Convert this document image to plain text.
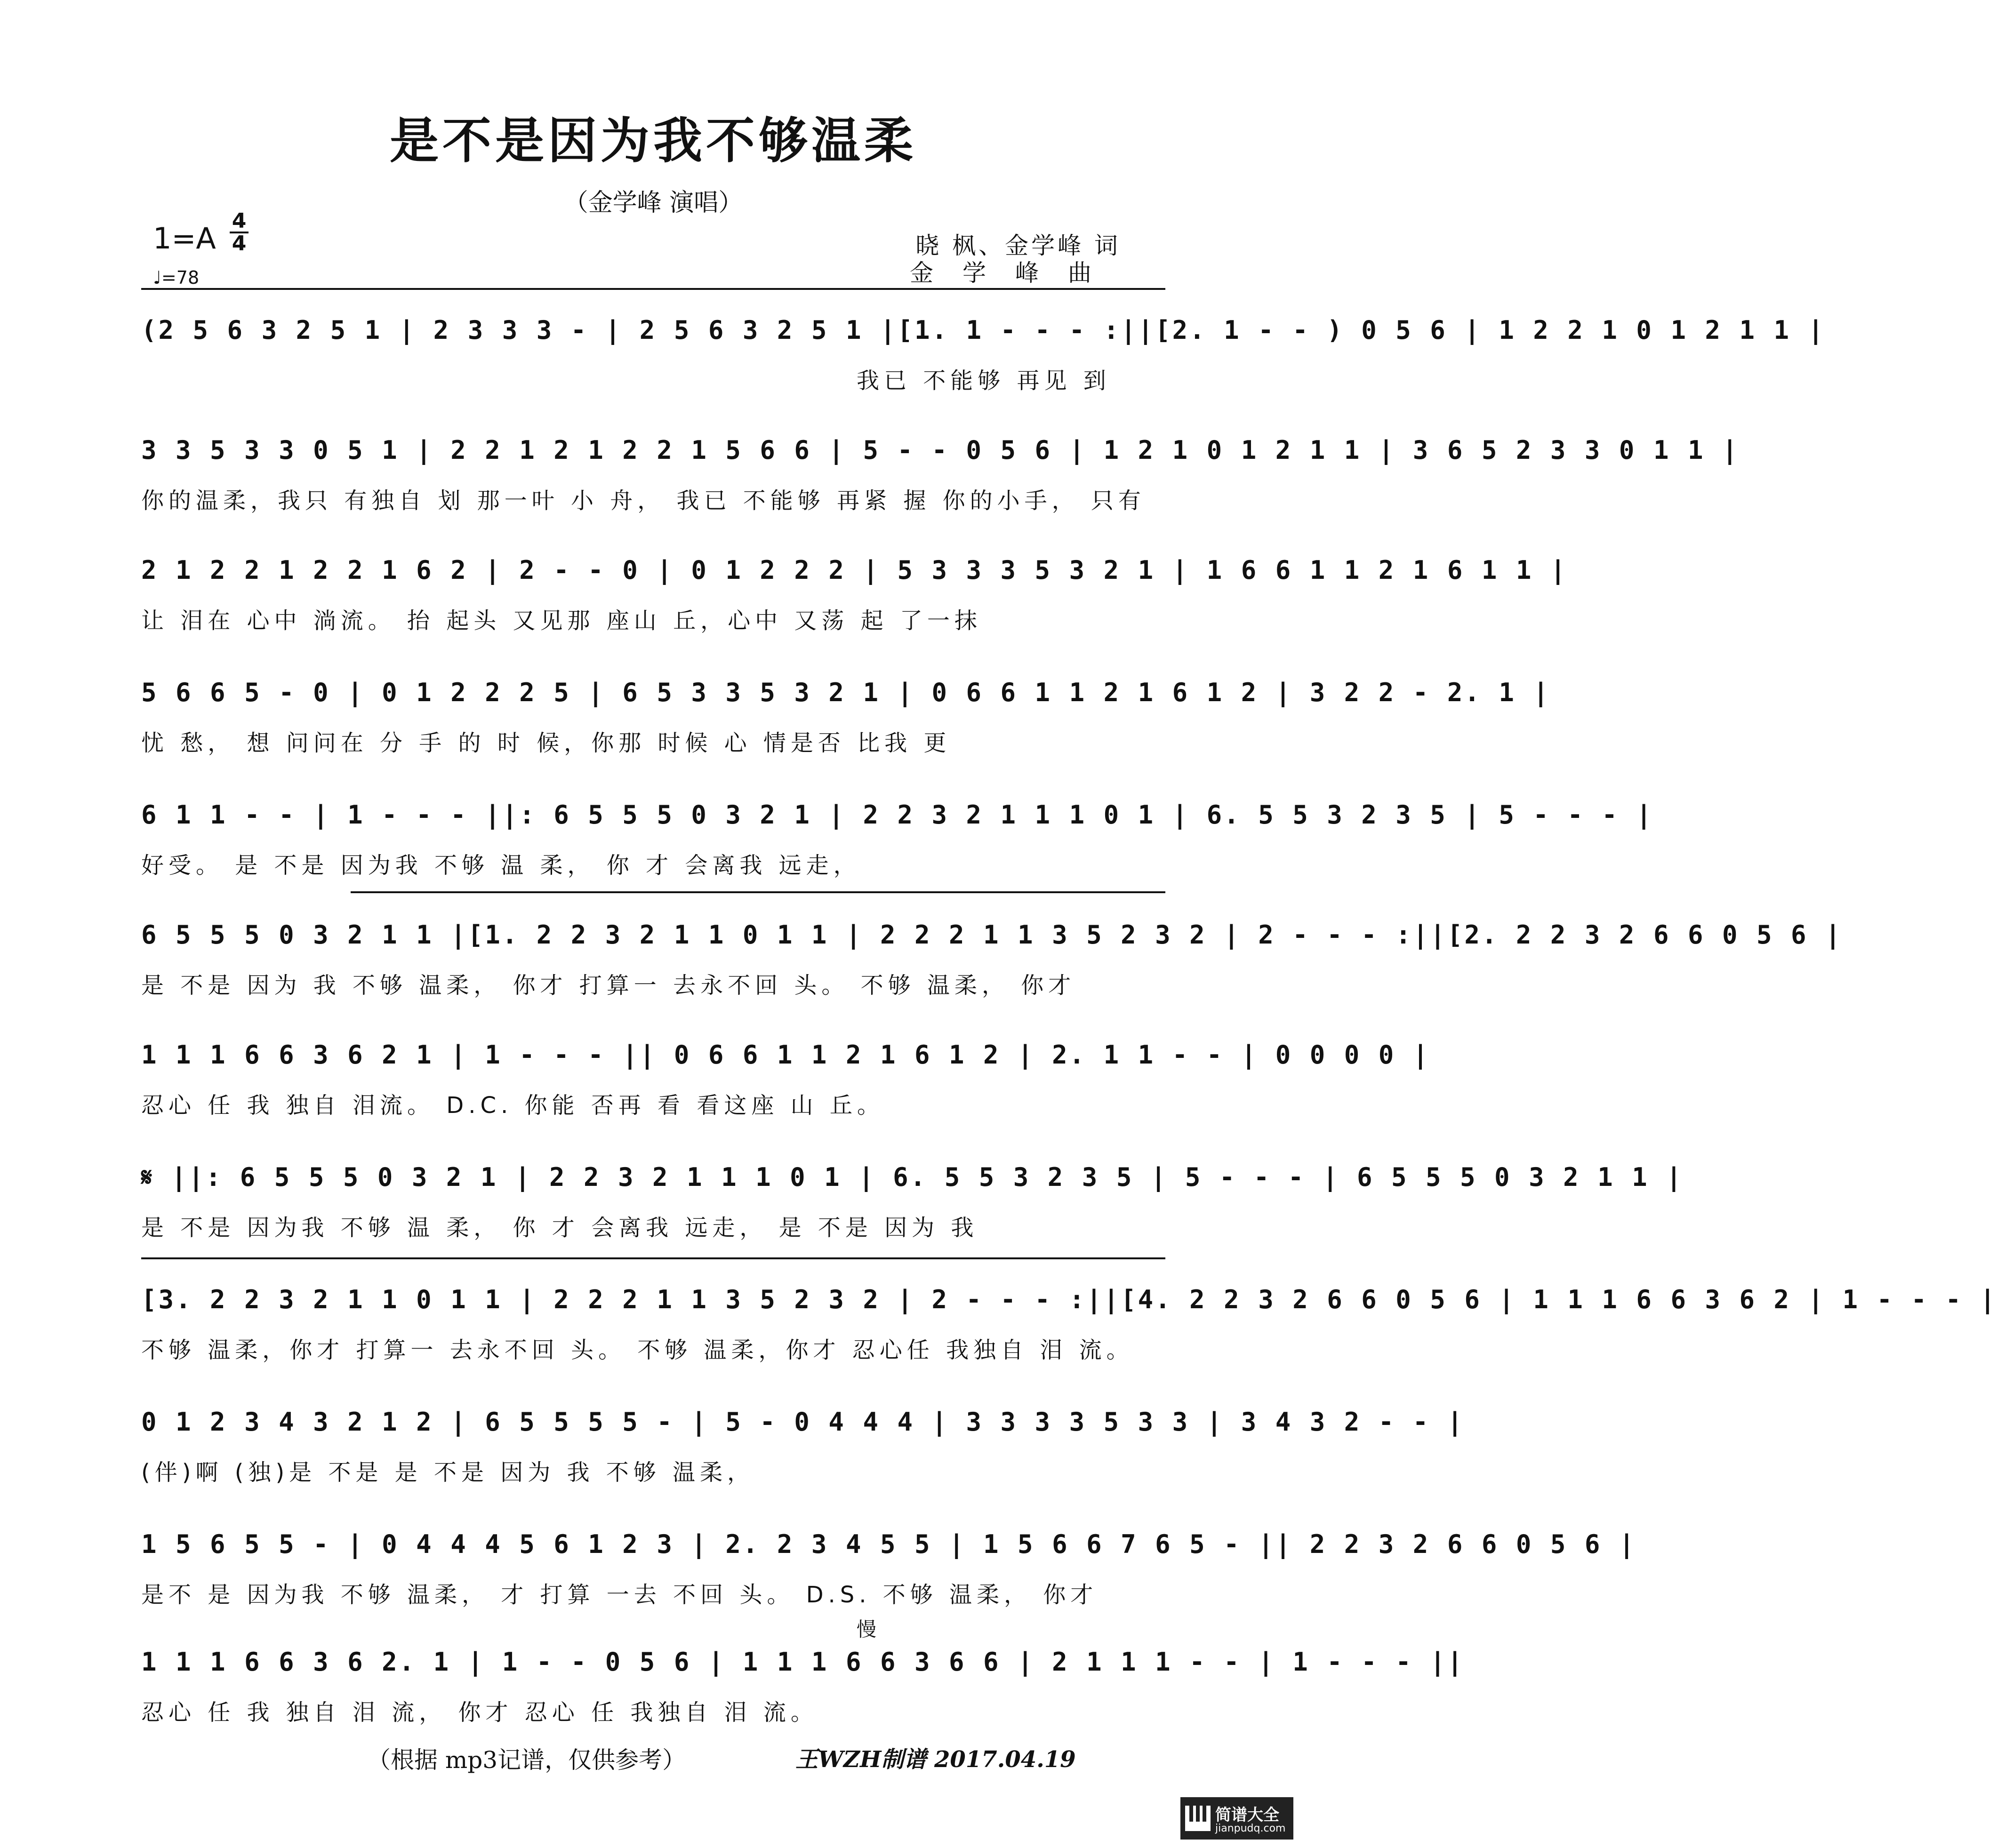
是不是因为我不够温柔
（金学峰 演唱）
1=A
4
4
♩=78
晓 枫、金学峰 词
金学峰曲
(2 5 6 3 2 5 1 | 2 3 3 3 - | 2 5 6 3 2 5 1 |[1. 1 - - - :||[2. 1 - - ) 0 5 6 | 1 2 2 1 0 1 2 1 1 |
我已 不能够 再见 到
3 3 5 3 3 0 5 1 | 2 2 1 2 1 2 2 1 5 6 6 | 5 - - 0 5 6 | 1 2 1 0 1 2 1 1 | 3 6 5 2 3 3 0 1 1 |
你的温柔，我只 有独自 划 那一叶 小 舟， 我已 不能够 再紧 握 你的小手， 只有
2 1 2 2 1 2 2 1 6 2 | 2 - - 0 | 0 1 2 2 2 | 5 3 3 3 5 3 2 1 | 1 6 6 1 1 2 1 6 1 1 |
让 泪在 心中 淌流。 抬 起头 又见那 座山 丘，心中 又荡 起 了一抹
5 6 6 5 - 0 | 0 1 2 2 2 5 | 6 5 3 3 5 3 2 1 | 0 6 6 1 1 2 1 6 1 2 | 3 2 2 - 2. 1 |
忧 愁， 想 问问在 分 手 的 时 候，你那 时候 心 情是否 比我 更
6 1 1 - - | 1 - - - ||: 6 5 5 5 0 3 2 1 | 2 2 3 2 1 1 1 0 1 | 6. 5 5 3 2 3 5 | 5 - - - |
好受。 是 不是 因为我 不够 温 柔， 你 才 会离我 远走，
6 5 5 5 0 3 2 1 1 |[1. 2 2 3 2 1 1 0 1 1 | 2 2 2 1 1 3 5 2 3 2 | 2 - - - :||[2. 2 2 3 2 6 6 0 5 6 |
是 不是 因为 我 不够 温柔， 你才 打算一 去永不回 头。 不够 温柔， 你才
1 1 1 6 6 3 6 2 1 | 1 - - - || 0 6 6 1 1 2 1 6 1 2 | 2. 1 1 - - | 0 0 0 0 |
忍心 任 我 独自 泪流。 D.C. 你能 否再 看 看这座 山 丘。
𝄋 ||: 6 5 5 5 0 3 2 1 | 2 2 3 2 1 1 1 0 1 | 6. 5 5 3 2 3 5 | 5 - - - | 6 5 5 5 0 3 2 1 1 |
是 不是 因为我 不够 温 柔， 你 才 会离我 远走， 是 不是 因为 我
[3. 2 2 3 2 1 1 0 1 1 | 2 2 2 1 1 3 5 2 3 2 | 2 - - - :||[4. 2 2 3 2 6 6 0 5 6 | 1 1 1 6 6 3 6 2 | 1 - - - |
不够 温柔，你才 打算一 去永不回 头。 不够 温柔，你才 忍心任 我独自 泪 流。
0 1 2 3 4 3 2 1 2 | 6 5 5 5 5 - | 5 - 0 4 4 4 | 3 3 3 3 5 3 3 | 3 4 3 2 - - |
(伴)啊 (独)是 不是 是 不是 因为 我 不够 温柔，
1 5 6 5 5 - | 0 4 4 4 5 6 1 2 3 | 2. 2 3 4 5 5 | 1 5 6 6 7 6 5 - || 2 2 3 2 6 6 0 5 6 |
是不 是 因为我 不够 温柔， 才 打算 一去 不回 头。 D.S. 不够 温柔， 你才
慢
1 1 1 6 6 3 6 2. 1 | 1 - - 0 5 6 | 1 1 1 6 6 3 6 6 | 2 1 1 1 - - | 1 - - - ||
忍心 任 我 独自 泪 流， 你才 忍心 任 我独自 泪 流。
（根据 mp3记谱，仅供参考）	王WZH制谱 2017.04.19
简谱大全
jianpudq.com
